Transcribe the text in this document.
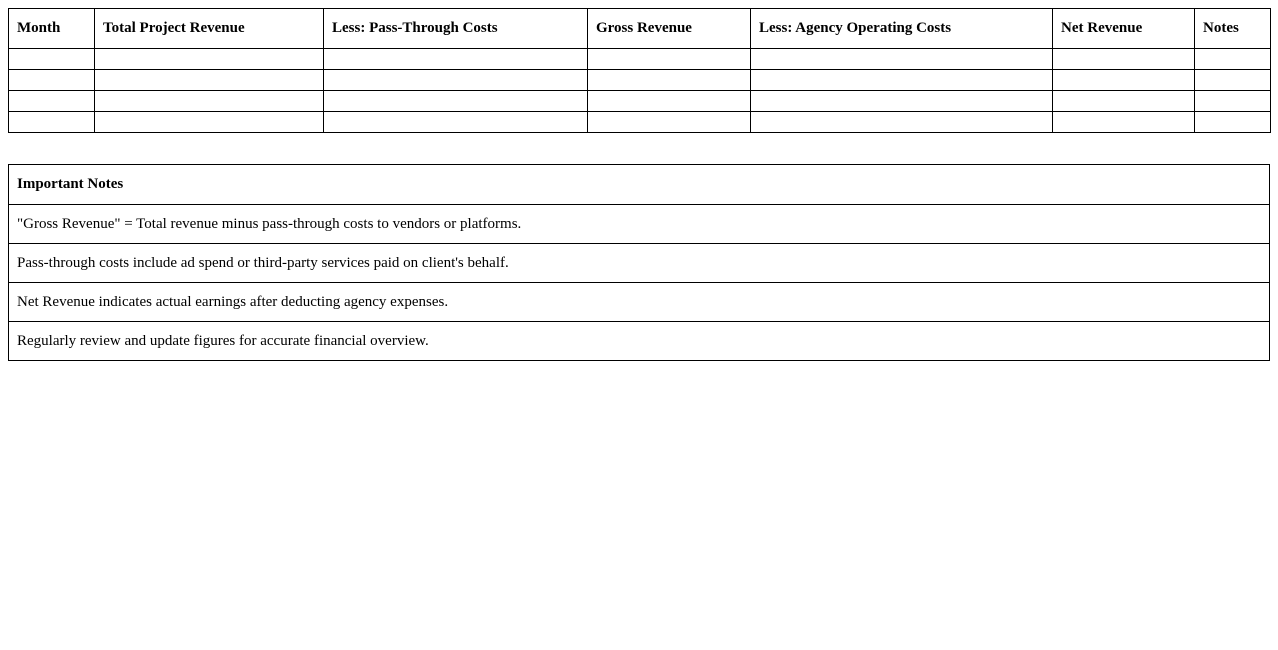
Month	Total Project Revenue	Less: Pass-Through Costs	Gross Revenue	Less: Agency Operating Costs	Net Revenue	Notes

Important Notes
"Gross Revenue" = Total revenue minus pass-through costs to vendors or platforms.
Pass-through costs include ad spend or third-party services paid on client's behalf.
Net Revenue indicates actual earnings after deducting agency expenses.
Regularly review and update figures for accurate financial overview.
